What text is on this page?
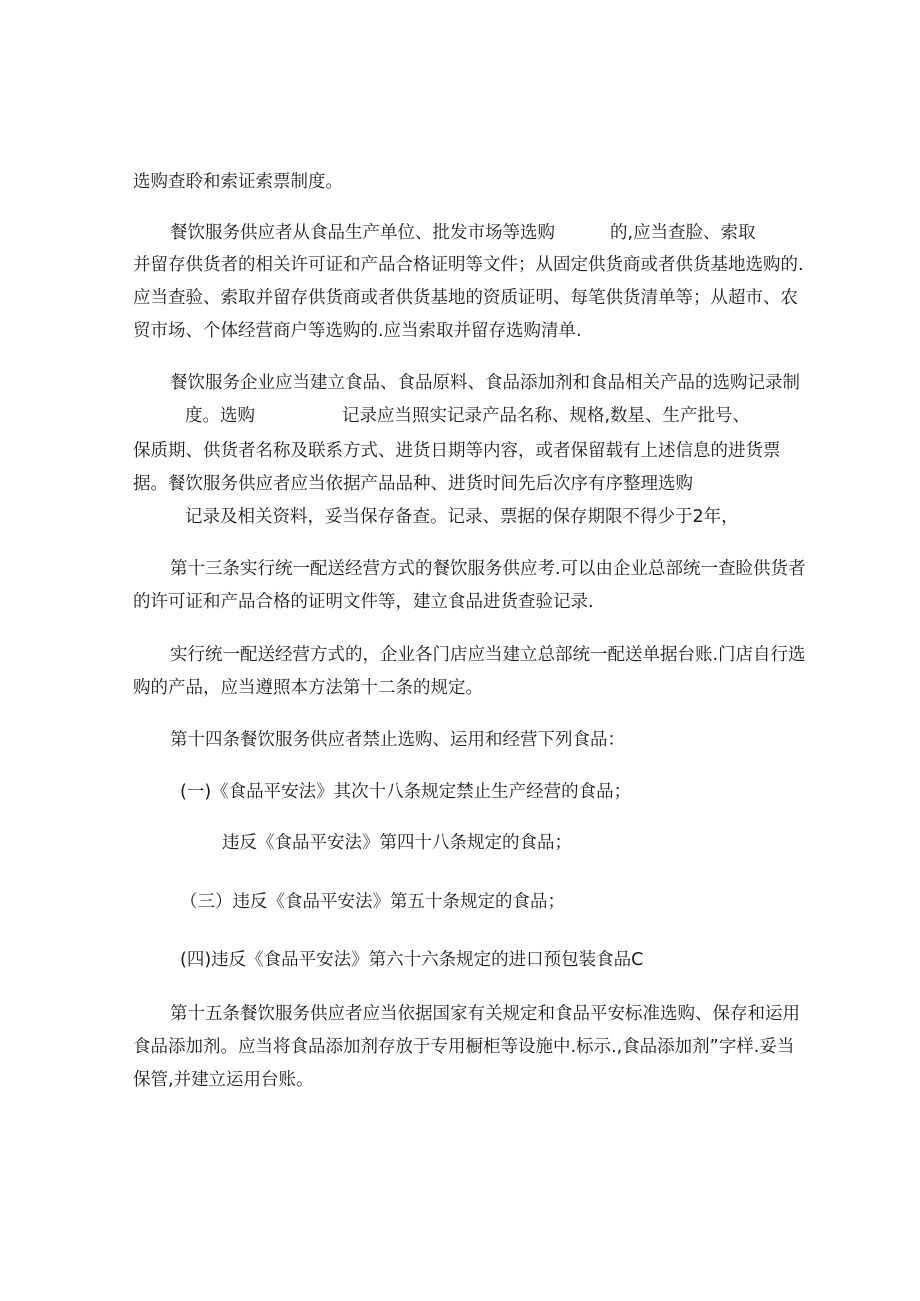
选购查聆和索证索票制度。

餐饮服务供应者从食品生产单位、批发市场等选购	的,应当查脸、索取

并留存供货者的相关许可证和产品合格证明等文件；从固定供货商或者供货基地选购的.

应当查验、索取并留存供货商或者供货基地的资质证明、每笔供货清单等；从超市、农

贸市场、个体经营商户等选购的.应当索取并留存选购清单.

餐饮服务企业应当建立食品、食品原料、食品添加剂和食品相关产品的选购记录制

度。选购	记录应当照实记录产品名称、规格,数星、生产批号、

保质期、供货者名称及联系方式、进货日期等内容，或者保留载有上述信息的进货票

据。餐饮服务供应者应当依据产品品种、进货时间先后次序有序整理选购

记录及相关资料，妥当保存备查。记录、票据的保存期限不得少于2年，

第十三条实行统一配送经营方式的餐饮服务供应考.可以由企业总部统一查睑供货者

的许可证和产品合格的证明文件等，建立食品进货查验记录.

实行统一配送经营方式的，企业各门店应当建立总部统一配送单据台账.门店自行选

购的产品，应当遵照本方法第十二条的规定。

第十四条餐饮服务供应者禁止选购、运用和经营下列食品：

(一)《食品平安法》其次十八条规定禁止生产经营的食品；

违反《食品平安法》第四十八条规定的食品；

（三）违反《食品平安法》第五十条规定的食品；

(四)违反《食品平安法》第六十六条规定的进口预包装食品C

第十五条餐饮服务供应者应当依据国家有关规定和食品平安标准选购、保存和运用

食品添加剂。应当将食品添加剂存放于专用橱柜等设施中.标示.,食品添加剂”字样.妥当

保管,并建立运用台账。
